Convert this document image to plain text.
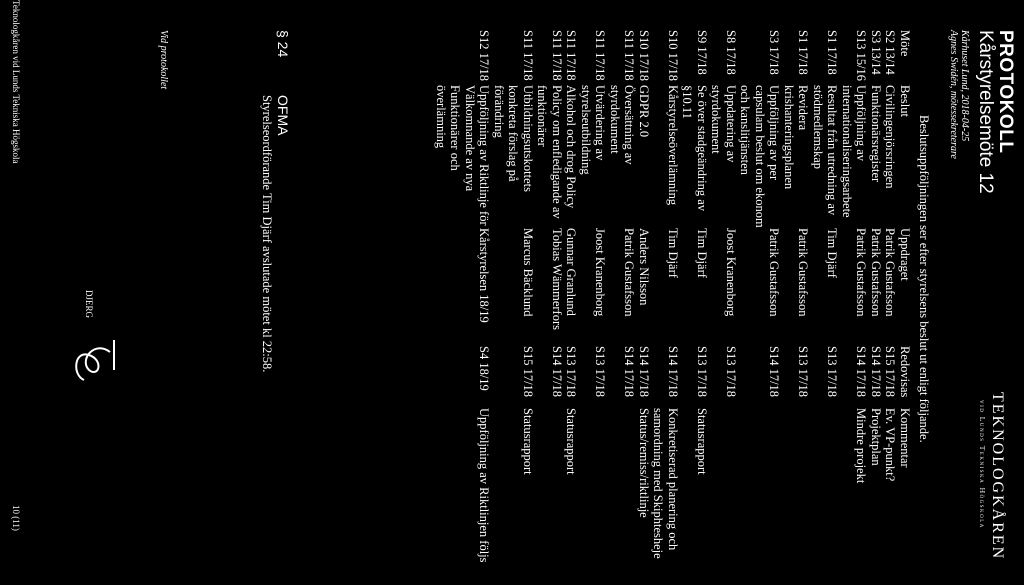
PROTOKOLL
Kårstyrelsemöte 12
Kårhuset Lund, 2018-04-25
Agnes Swidén, mötessekreterare
TEKNOLOGKÅREN
vid Lunds Tekniska Högskola
Beslutsuppföljningen ser efter styrelsens beslut ut enligt följande.
Möte	Beslut	Uppdraget	Redovisas	Kommentar
S2 13/14	Civilingenjörsringen	Patrik Gustafsson	S15 17/18	Ev. VP-punkt?
S3 13/14	Funktionärsregister	Patrik Gustafsson	S14 17/18	Projektplan
S13 15/16	Uppföljning av internationaliseringsarbete	Patrik Gustafsson	S14 17/18	Mindre projekt
S1 17/18	Resultat från utredning av stödmedlemskap	Tim Djärf	S13 17/18	
S1 17/18	Revidera krishanteringsplanen	Patrik Gustafsson	S13 17/18	
S3 17/18	Uppföljning av per capsulam beslut om ekonom och kanslitjänsten	Patrik Gustafsson	S14 17/18	
S8 17/18	Uppdatering av styrdokument	Joost Kranenborg	S13 17/18	
S9 17/18	Se över stadgeändring av §10.11	Tim Djärf	S13 17/18	Statusrapport
S10 17/18	Kårstyrelseöverlämning	Tim Djärf	S14 17/18	Konkretiserad planering och samordning med Skiphtesheje
S10 17/18	GDPR 2.0	Anders Nilsson	S14 17/18	Status/remiss/riktlinje
S11 17/18	Översättning av styrdokument	Patrik Gustafsson	S14 17/18	
S11 17/18	Utvärdering av styrelseutbildning	Joost Kranenborg	S13 17/18	
S11 17/18	Alkohol och drog Policy	Gunnar Granlund	S13 17/18	Statusrapport
S11 17/18	Policy om enfledigande av funktionärer	Tobias Wämmerfors	S14 17/18	
S11 17/18	Utbildningsutskottets konkreta förslag på förändring	Marcus Bäcklund	S15 17/18	Statusrapport
S12 17/18	Uppföljning av Riktlinje för Välkomnande av nya Funktionärer och överlämning	Kårstyrelsen 18/19	S4 18/19	Uppföljning av Riktlinjen följs
§ 24
OFMA
Styrelseordförande Tim Djärf avslutade mötet kl 22:58.
Vid protokollet
DJERG
Teknologkåren vid Lunds Tekniska Högskola
10 (11)
